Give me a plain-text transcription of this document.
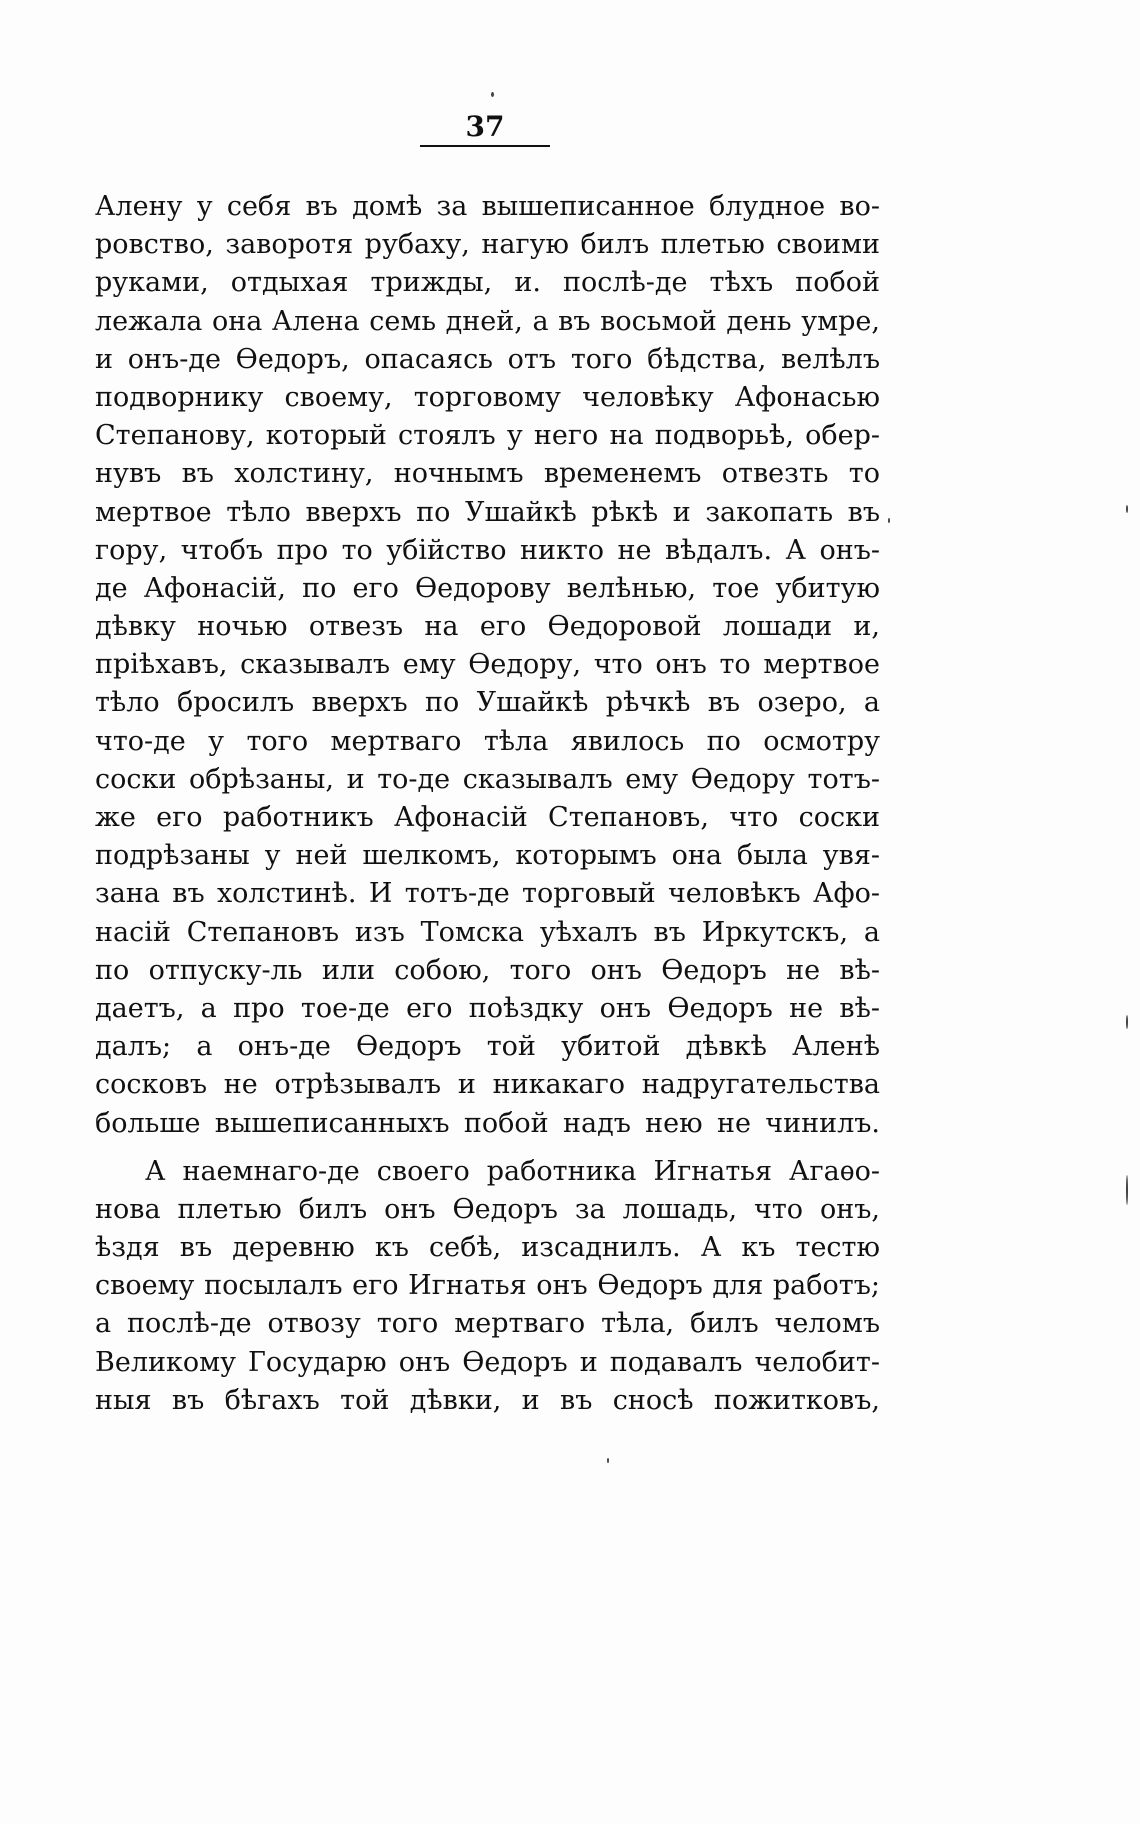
37
Алену у себя въ домѣ за вышеписанное блудное во-
ровство, заворотя рубаху, нагую билъ плетью своими
руками, отдыхая трижды, и. послѣ-де тѣхъ побой
лежала она Алена семь дней, а въ восьмой день умре,
и онъ-де Ѳедоръ, опасаясь отъ того бѣдства, велѣлъ
подворнику своему, торговому человѣку Афонасью
Степанову, который стоялъ у него на подворьѣ, обер-
нувъ въ холстину, ночнымъ временемъ отвезть то
мертвое тѣло вверхъ по Ушайкѣ рѣкѣ и закопать въ
гору, чтобъ про то убійство никто не вѣдалъ. А онъ-
де Афонасій, по его Ѳедорову велѣнью, тое убитую
дѣвку ночью отвезъ на его Ѳедоровой лошади и,
пріѣхавъ, сказывалъ ему Ѳедору, что онъ то мертвое
тѣло бросилъ вверхъ по Ушайкѣ рѣчкѣ въ озеро, а
что-де у того мертваго тѣла явилось по осмотру
соски обрѣзаны, и то-де сказывалъ ему Ѳедору тотъ-
же его работникъ Афонасій Степановъ, что соски
подрѣзаны у ней шелкомъ, которымъ она была увя-
зана въ холстинѣ. И тотъ-де торговый человѣкъ Афо-
насій Степановъ изъ Томска уѣхалъ въ Иркутскъ, а
по отпуску-ль или собою, того онъ Ѳедоръ не вѣ-
даетъ, а про тое-де его поѣздку онъ Ѳедоръ не вѣ-
далъ; а онъ-де Ѳедоръ той убитой дѣвкѣ Аленѣ
сосковъ не отрѣзывалъ и никакаго надругательства
больше вышеписанныхъ побой надъ нею не чинилъ.
А наемнаго-де своего работника Игнатья Агаѳо-
нова плетью билъ онъ Ѳедоръ за лошадь, что онъ,
ѣздя въ деревню къ себѣ, изсаднилъ. А къ тестю
своему посылалъ его Игнатья онъ Ѳедоръ для работъ;
а послѣ-де отвозу того мертваго тѣла, билъ челомъ
Великому Государю онъ Ѳедоръ и подавалъ челобит-
ныя въ бѣгахъ той дѣвки, и въ сносѣ пожитковъ,
